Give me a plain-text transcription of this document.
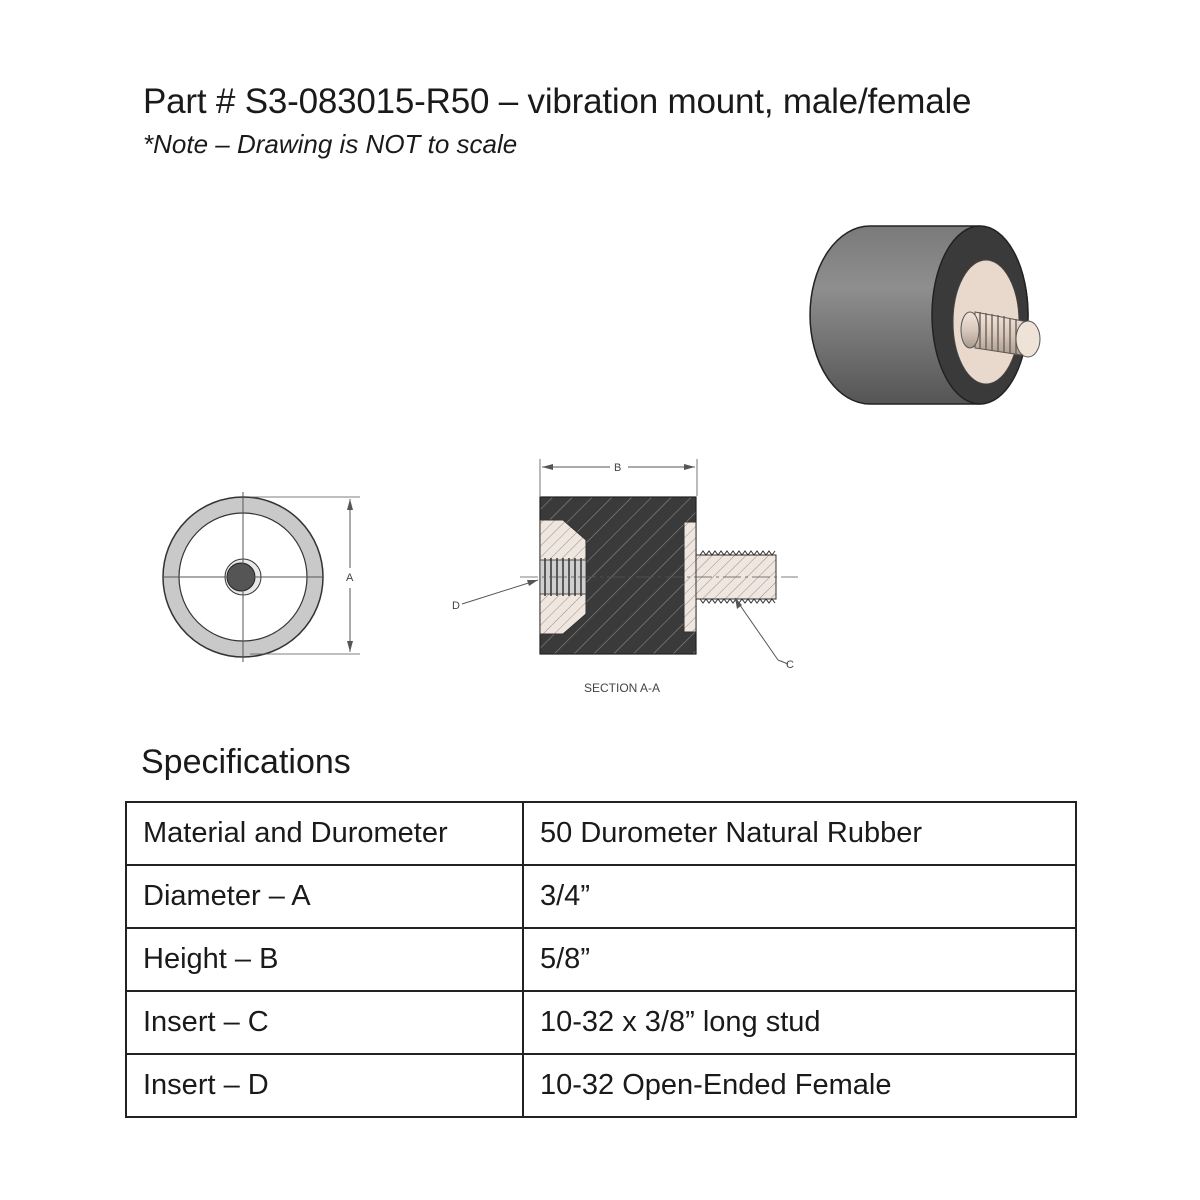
Part # S3-083015-R50 – vibration mount, male/female
*Note – Drawing is NOT to scale
A
B
D
C
SECTION A-A
Specifications
Material and Durometer	50 Durometer Natural Rubber
Diameter – A	3/4”
Height – B	5/8”
Insert – C	10-32 x 3/8” long stud
Insert – D	10-32 Open-Ended Female
